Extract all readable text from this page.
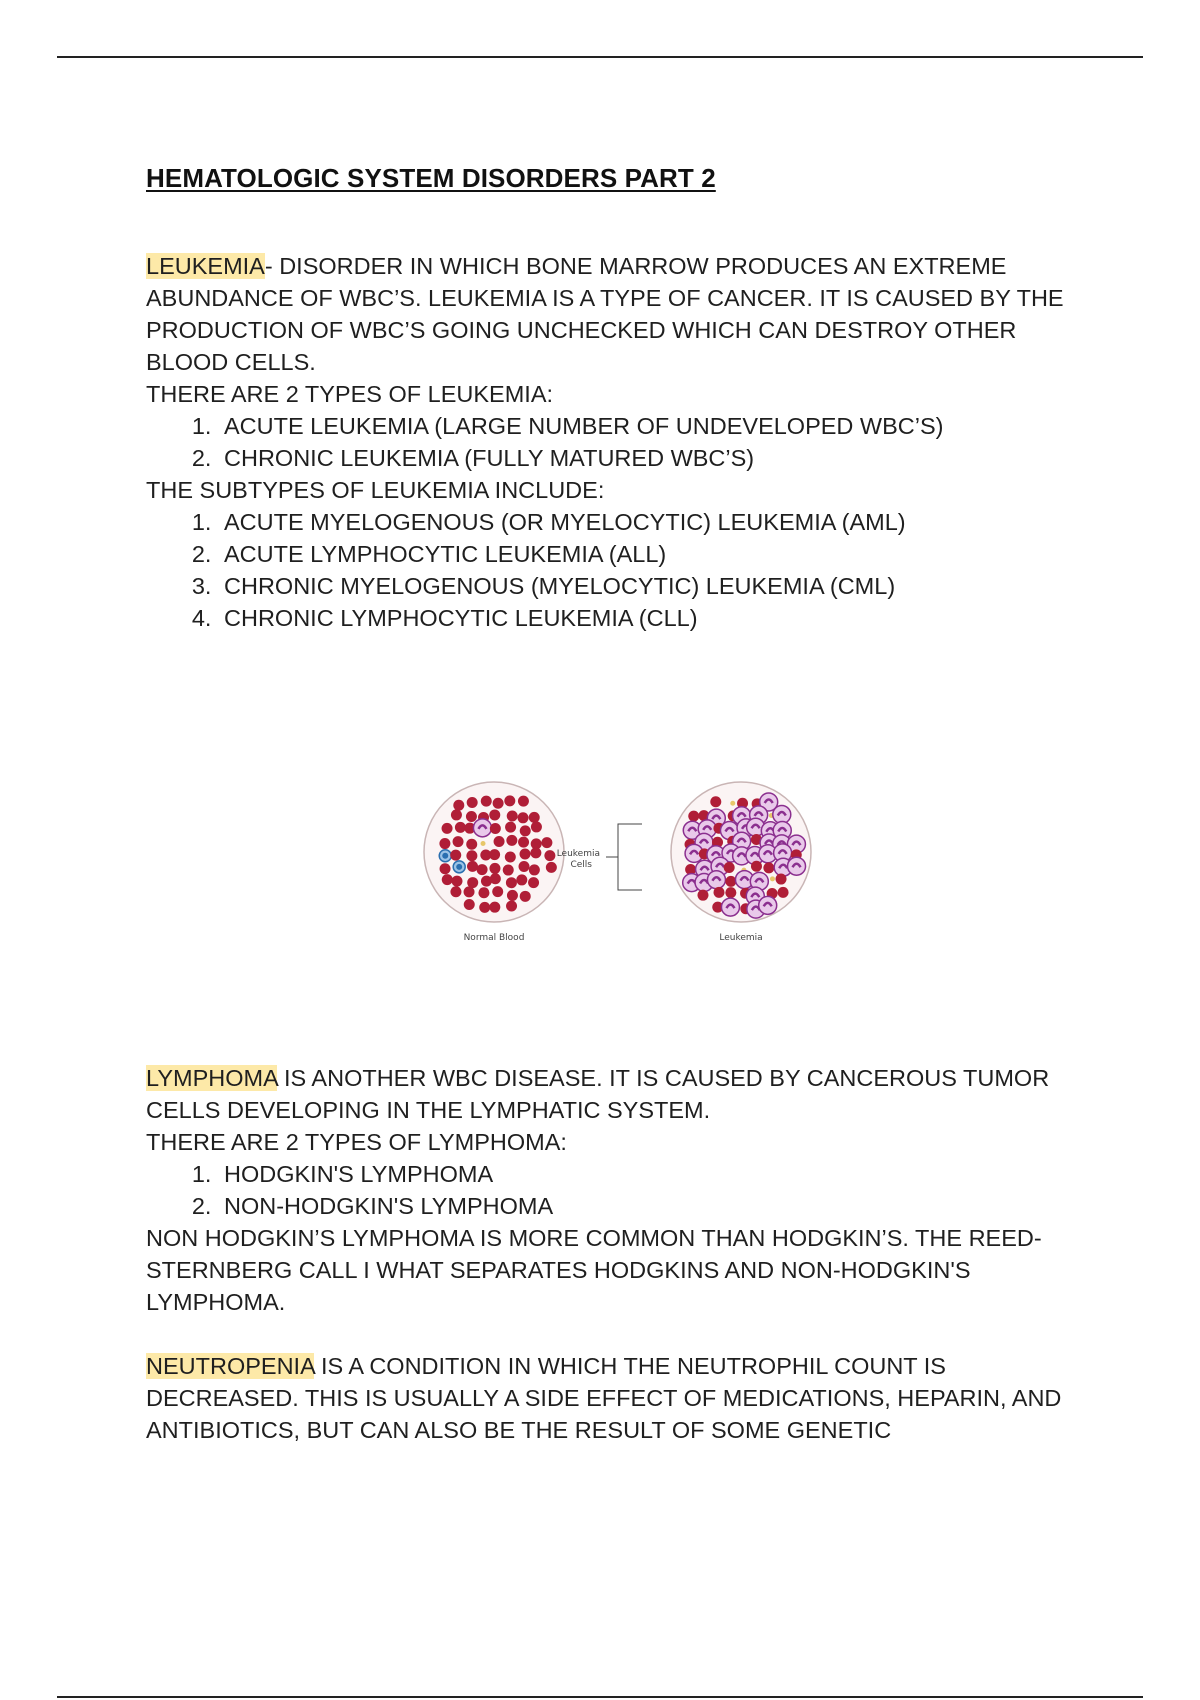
HEMATOLOGIC SYSTEM DISORDERS PART 2

LEUKEMIA- DISORDER IN WHICH BONE MARROW PRODUCES AN EXTREME ABUNDANCE OF WBC’S. LEUKEMIA IS A TYPE OF CANCER. IT IS CAUSED BY THE PRODUCTION OF WBC’S GOING UNCHECKED WHICH CAN DESTROY OTHER BLOOD CELLS.

THERE ARE 2 TYPES OF LEUKEMIA:

1. ACUTE LEUKEMIA (LARGE NUMBER OF UNDEVELOPED WBC’S)
2. CHRONIC LEUKEMIA (FULLY MATURED WBC’S)

THE SUBTYPES OF LEUKEMIA INCLUDE:

1. ACUTE MYELOGENOUS (OR MYELOCYTIC) LEUKEMIA (AML)
2. ACUTE LYMPHOCYTIC LEUKEMIA (ALL)
3. CHRONIC MYELOGENOUS (MYELOCYTIC) LEUKEMIA (CML)
4. CHRONIC LYMPHOCYTIC LEUKEMIA (CLL)
Leukemia
Cells
Normal Blood	Leukemia

LYMPHOMA IS ANOTHER WBC DISEASE. IT IS CAUSED BY CANCEROUS TUMOR CELLS DEVELOPING IN THE LYMPHATIC SYSTEM.

THERE ARE 2 TYPES OF LYMPHOMA:

1. HODGKIN'S LYMPHOMA
2. NON-HODGKIN'S LYMPHOMA

NON HODGKIN’S LYMPHOMA IS MORE COMMON THAN HODGKIN’S. THE REED-STERNBERG CALL I WHAT SEPARATES HODGKINS AND NON-HODGKIN'S LYMPHOMA.

NEUTROPENIA IS A CONDITION IN WHICH THE NEUTROPHIL COUNT IS DECREASED. THIS IS USUALLY A SIDE EFFECT OF MEDICATIONS, HEPARIN, AND ANTIBIOTICS, BUT CAN ALSO BE THE RESULT OF SOME GENETIC
